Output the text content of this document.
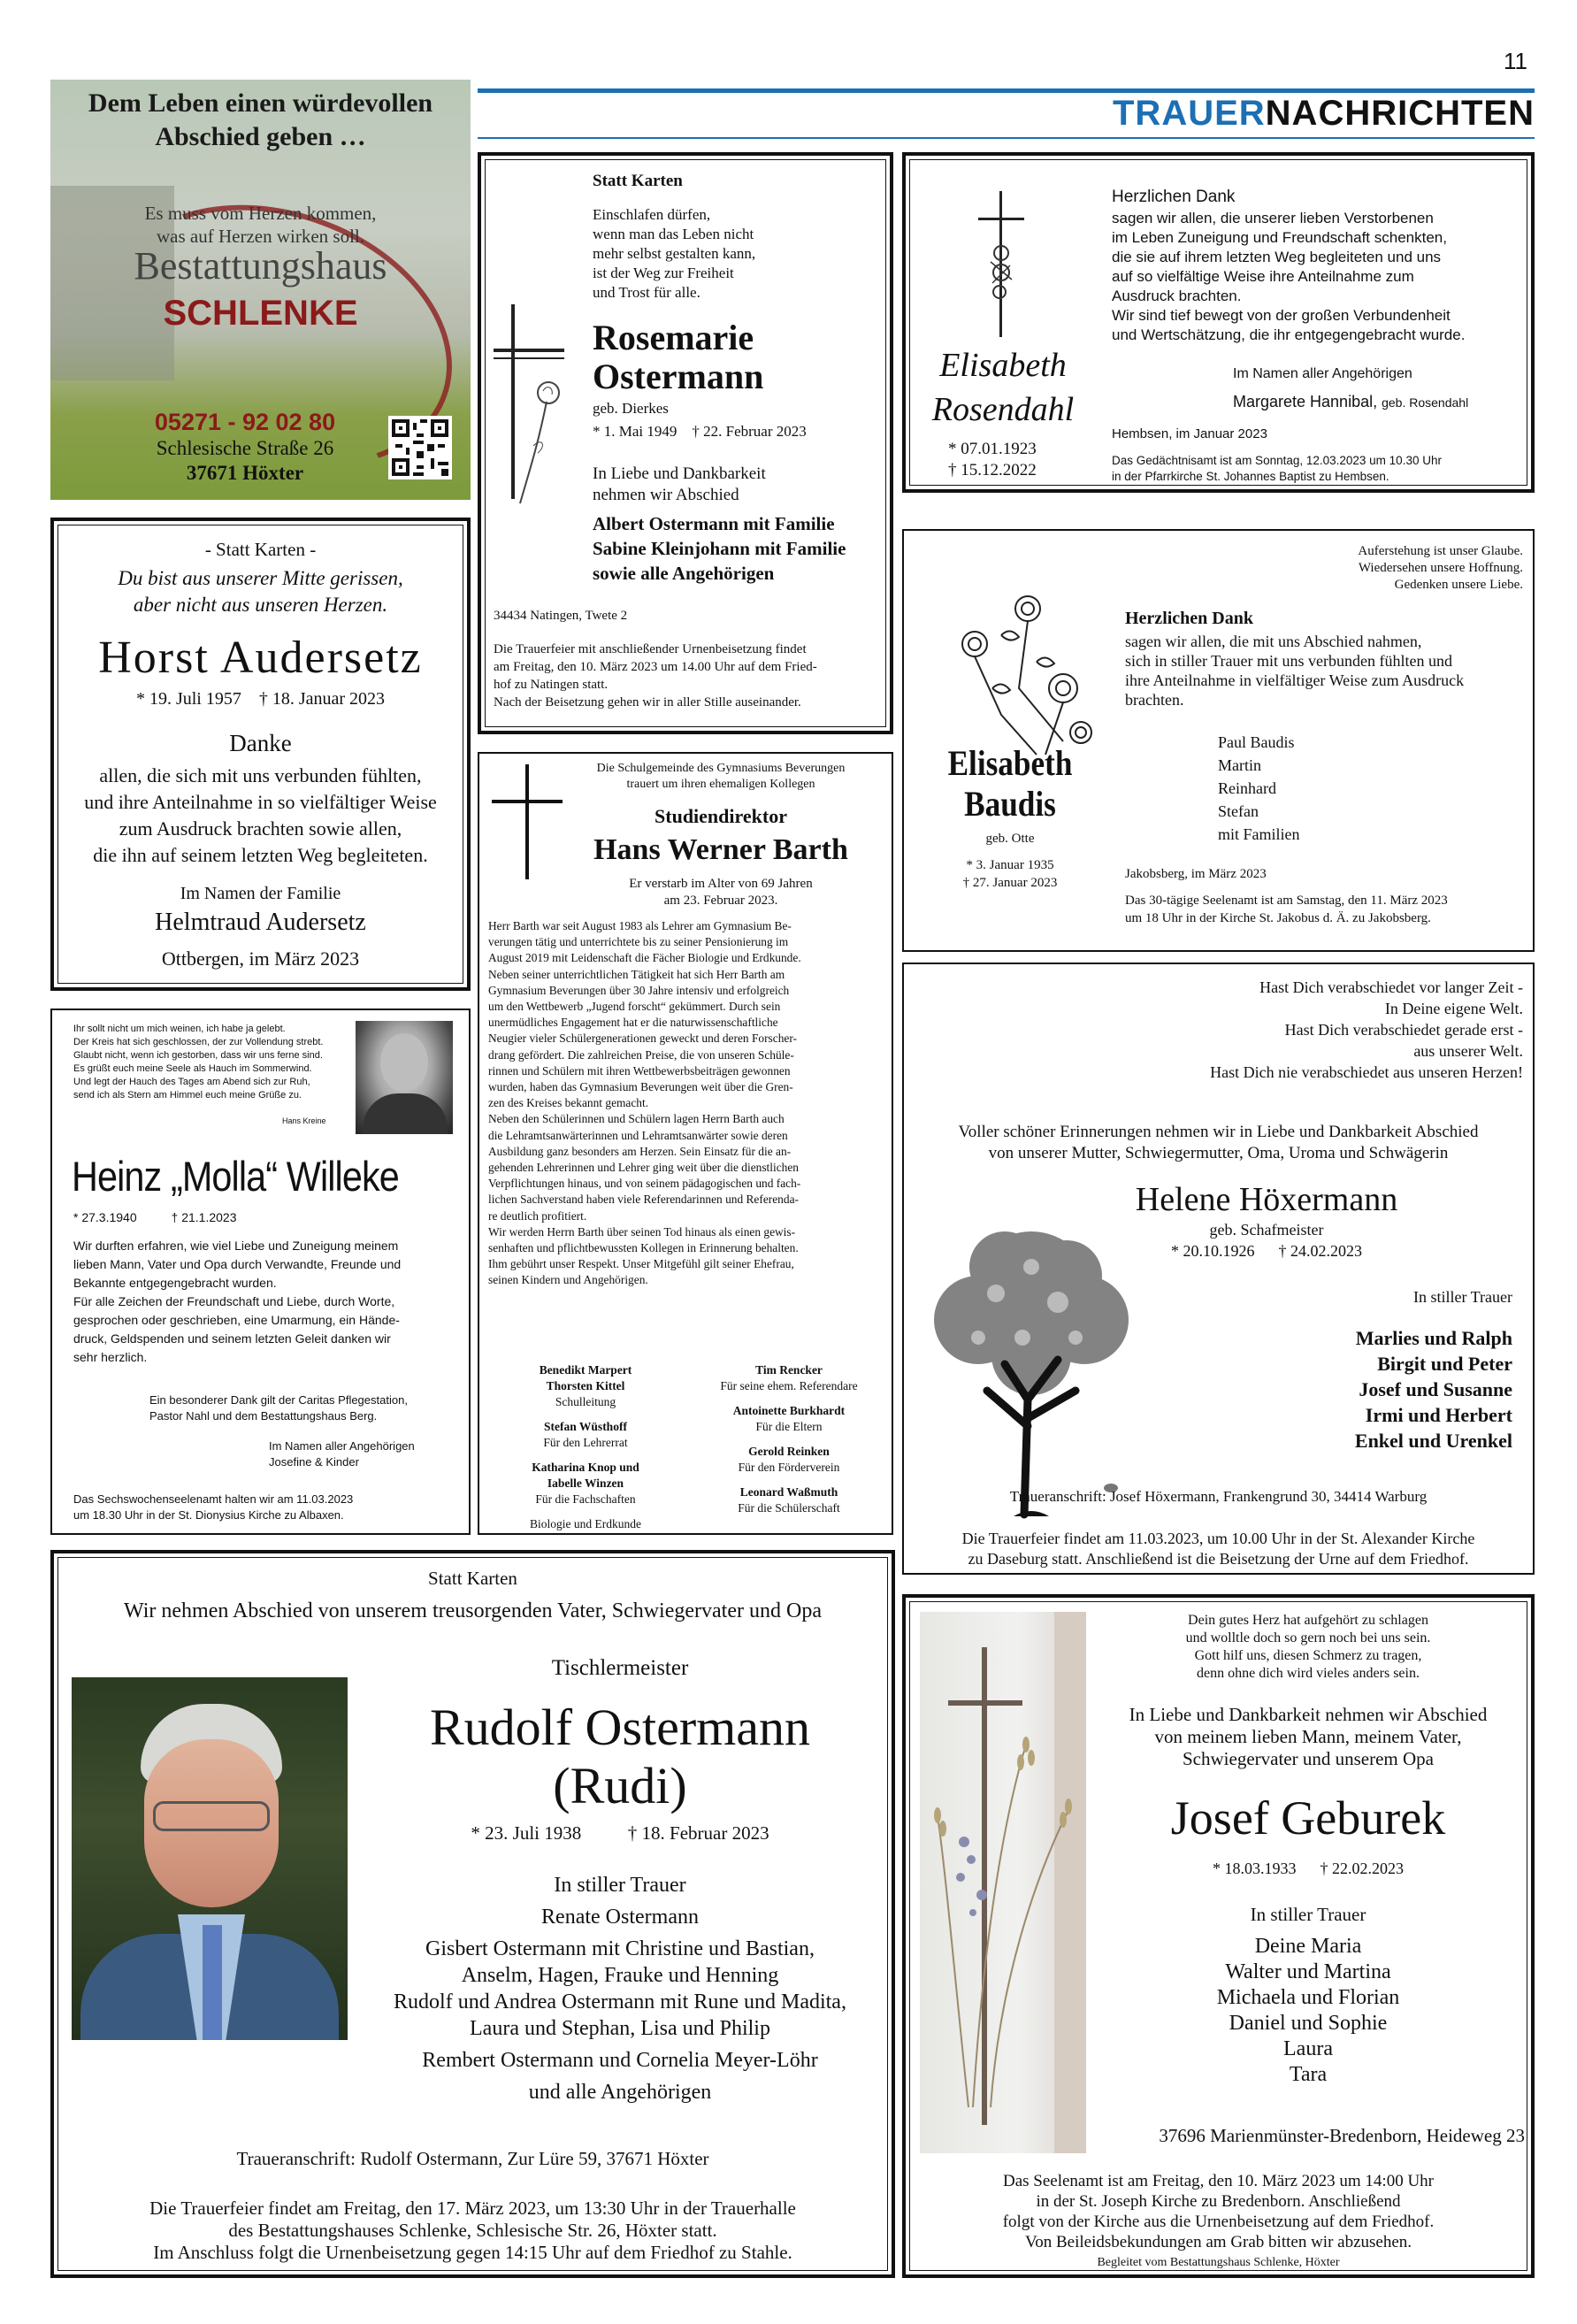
11
TRAUERNACHRICHTEN
Dem Leben einen würdevollen
Abschied geben …
Es muss vom Herzen kommen,
was auf Herzen wirken soll.
Bestattungshaus
SCHLENKE
05271 - 92 02 80
Schlesische Straße 26
37671 Höxter
- Statt Karten -
Du bist aus unserer Mitte gerissen,
aber nicht aus unseren Herzen.
Horst Audersetz
* 19. Juli 1957 † 18. Januar 2023
Danke
allen, die sich mit uns verbunden fühlten,
und ihre Anteilnahme in so vielfältiger Weise
zum Ausdruck brachten sowie allen,
die ihn auf seinem letzten Weg begleiteten.
Im Namen der Familie
Helmtraud Audersetz
Ottbergen, im März 2023
Ihr sollt nicht um mich weinen, ich habe ja gelebt.
Der Kreis hat sich geschlossen, der zur Vollendung strebt.
Glaubt nicht, wenn ich gestorben, dass wir uns ferne sind.
Es grüßt euch meine Seele als Hauch im Sommerwind.
Und legt der Hauch des Tages am Abend sich zur Ruh,
send ich als Stern am Himmel euch meine Grüße zu.
Hans Kreine
Heinz „Molla“ Willeke
* 27.3.1940	† 21.1.2023
Wir durften erfahren, wie viel Liebe und Zuneigung meinem
lieben Mann, Vater und Opa durch Verwandte, Freunde und
Bekannte entgegengebracht wurden.
Für alle Zeichen der Freundschaft und Liebe, durch Worte,
gesprochen oder geschrieben, eine Umarmung, ein Hände-
druck, Geldspenden und seinem letzten Geleit danken wir
sehr herzlich.
Ein besonderer Dank gilt der Caritas Pflegestation,
Pastor Nahl und dem Bestattungshaus Berg.
Im Namen aller Angehörigen
Josefine & Kinder
Das Sechswochenseelenamt halten wir am 11.03.2023
um 18.30 Uhr in der St. Dionysius Kirche zu Albaxen.
Statt Karten
Einschlafen dürfen,
wenn man das Leben nicht
mehr selbst gestalten kann,
ist der Weg zur Freiheit
und Trost für alle.
Rosemarie
Ostermann
geb. Dierkes
* 1. Mai 1949 † 22. Februar 2023
In Liebe und Dankbarkeit
nehmen wir Abschied
Albert Ostermann mit Familie
Sabine Kleinjohann mit Familie
sowie alle Angehörigen
34434 Natingen, Twete 2
Die Trauerfeier mit anschließender Urnenbeisetzung findet
am Freitag, den 10. März 2023 um 14.00 Uhr auf dem Fried-
hof zu Natingen statt.
Nach der Beisetzung gehen wir in aller Stille auseinander.
Die Schulgemeinde des Gymnasiums Beverungen
trauert um ihren ehemaligen Kollegen
Studiendirektor
Hans Werner Barth
Er verstarb im Alter von 69 Jahren
am 23. Februar 2023.
Herr Barth war seit August 1983 als Lehrer am Gymnasium Be-
verungen tätig und unterrichtete bis zu seiner Pensionierung im
August 2019 mit Leidenschaft die Fächer Biologie und Erdkunde.
Neben seiner unterrichtlichen Tätigkeit hat sich Herr Barth am
Gymnasium Beverungen über 30 Jahre intensiv und erfolgreich
um den Wettbewerb „Jugend forscht“ gekümmert. Durch sein
unermüdliches Engagement hat er die naturwissenschaftliche
Neugier vieler Schülergenerationen geweckt und deren Forscher-
drang gefördert. Die zahlreichen Preise, die von unseren Schüle-
rinnen und Schülern mit ihren Wettbewerbsbeiträgen gewonnen
wurden, haben das Gymnasium Beverungen weit über die Gren-
zen des Kreises bekannt gemacht.
Neben den Schülerinnen und Schülern lagen Herrn Barth auch
die Lehramtsanwärterinnen und Lehramtsanwärter sowie deren
Ausbildung ganz besonders am Herzen. Sein Einsatz für die an-
gehenden Lehrerinnen und Lehrer ging weit über die dienstlichen
Verpflichtungen hinaus, und von seinem pädagogischen und fach-
lichen Sachverstand haben viele Referendarinnen und Referenda-
re deutlich profitiert.
Wir werden Herrn Barth über seinen Tod hinaus als einen gewis-
senhaften und pflichtbewussten Kollegen in Erinnerung behalten.
Ihm gebührt unser Respekt. Unser Mitgefühl gilt seiner Ehefrau,
seinen Kindern und Angehörigen.
Benedikt Marpert
Thorsten Kittel
Schulleitung
Stefan Wüsthoff
Für den Lehrerrat
Katharina Knop und
Iabelle Winzen
Für die Fachschaften
Biologie und Erdkunde
Tim Rencker
Für seine ehem. Referendare
Antoinette Burkhardt
Für die Eltern
Gerold Reinken
Für den Förderverein
Leonard Waßmuth
Für die Schülerschaft
Elisabeth
Rosendahl
* 07.01.1923
† 15.12.2022
Herzlichen Dank
sagen wir allen, die unserer lieben Verstorbenen
im Leben Zuneigung und Freundschaft schenkten,
die sie auf ihrem letzten Weg begleiteten und uns
auf so vielfältige Weise ihre Anteilnahme zum
Ausdruck brachten.
Wir sind tief bewegt von der großen Verbundenheit
und Wertschätzung, die ihr entgegengebracht wurde.
Im Namen aller Angehörigen
Margarete Hannibal, geb. Rosendahl
Hembsen, im Januar 2023
Das Gedächtnisamt ist am Sonntag, 12.03.2023 um 10.30 Uhr
in der Pfarrkirche St. Johannes Baptist zu Hembsen.
Auferstehung ist unser Glaube.
Wiedersehen unsere Hoffnung.
Gedenken unsere Liebe.
Herzlichen Dank
sagen wir allen, die mit uns Abschied nahmen,
sich in stiller Trauer mit uns verbunden fühlten und
ihre Anteilnahme in vielfältiger Weise zum Ausdruck
brachten.
Elisabeth
Baudis
geb. Otte
* 3. Januar 1935
† 27. Januar 2023
Paul Baudis
Martin
Reinhard
Stefan
mit Familien
Jakobsberg, im März 2023
Das 30-tägige Seelenamt ist am Samstag, den 11. März 2023
um 18 Uhr in der Kirche St. Jakobus d. Ä. zu Jakobsberg.
Hast Dich verabschiedet vor langer Zeit -
In Deine eigene Welt.
Hast Dich verabschiedet gerade erst -
aus unserer Welt.
Hast Dich nie verabschiedet aus unseren Herzen!
Voller schöner Erinnerungen nehmen wir in Liebe und Dankbarkeit Abschied
von unserer Mutter, Schwiegermutter, Oma, Uroma und Schwägerin
Helene Höxermann
geb. Schafmeister
* 20.10.1926 † 24.02.2023
In stiller Trauer
Marlies und Ralph
Birgit und Peter
Josef und Susanne
Irmi und Herbert
Enkel und Urenkel
Traueranschrift: Josef Höxermann, Frankengrund 30, 34414 Warburg
Die Trauerfeier findet am 11.03.2023, um 10.00 Uhr in der St. Alexander Kirche
zu Daseburg statt. Anschließend ist die Beisetzung der Urne auf dem Friedhof.
Statt Karten
Wir nehmen Abschied von unserem treusorgenden Vater, Schwiegervater und Opa
Tischlermeister
Rudolf Ostermann
(Rudi)
* 23. Juli 1938	† 18. Februar 2023
In stiller Trauer
Renate Ostermann
Gisbert Ostermann mit Christine und Bastian,
Anselm, Hagen, Frauke und Henning
Rudolf und Andrea Ostermann mit Rune und Madita,
Laura und Stephan, Lisa und Philip
Rembert Ostermann und Cornelia Meyer-Löhr
und alle Angehörigen
Traueranschrift: Rudolf Ostermann, Zur Lüre 59, 37671 Höxter
Die Trauerfeier findet am Freitag, den 17. März 2023, um 13:30 Uhr in der Trauerhalle
des Bestattungshauses Schlenke, Schlesische Str. 26, Höxter statt.
Im Anschluss folgt die Urnenbeisetzung gegen 14:15 Uhr auf dem Friedhof zu Stahle.
Dein gutes Herz hat aufgehört zu schlagen
und wolltle doch so gern noch bei uns sein.
Gott hilf uns, diesen Schmerz zu tragen,
denn ohne dich wird vieles anders sein.
In Liebe und Dankbarkeit nehmen wir Abschied
von meinem lieben Mann, meinem Vater,
Schwiegervater und unserem Opa
Josef Geburek
* 18.03.1933 † 22.02.2023
In stiller Trauer
Deine Maria
Walter und Martina
Michaela und Florian
Daniel und Sophie
Laura
Tara
37696 Marienmünster-Bredenborn, Heideweg 23
Das Seelenamt ist am Freitag, den 10. März 2023 um 14:00 Uhr
in der St. Joseph Kirche zu Bredenborn. Anschließend
folgt von der Kirche aus die Urnenbeisetzung auf dem Friedhof.
Von Beileidsbekundungen am Grab bitten wir abzusehen.
Begleitet vom Bestattungshaus Schlenke, Höxter
